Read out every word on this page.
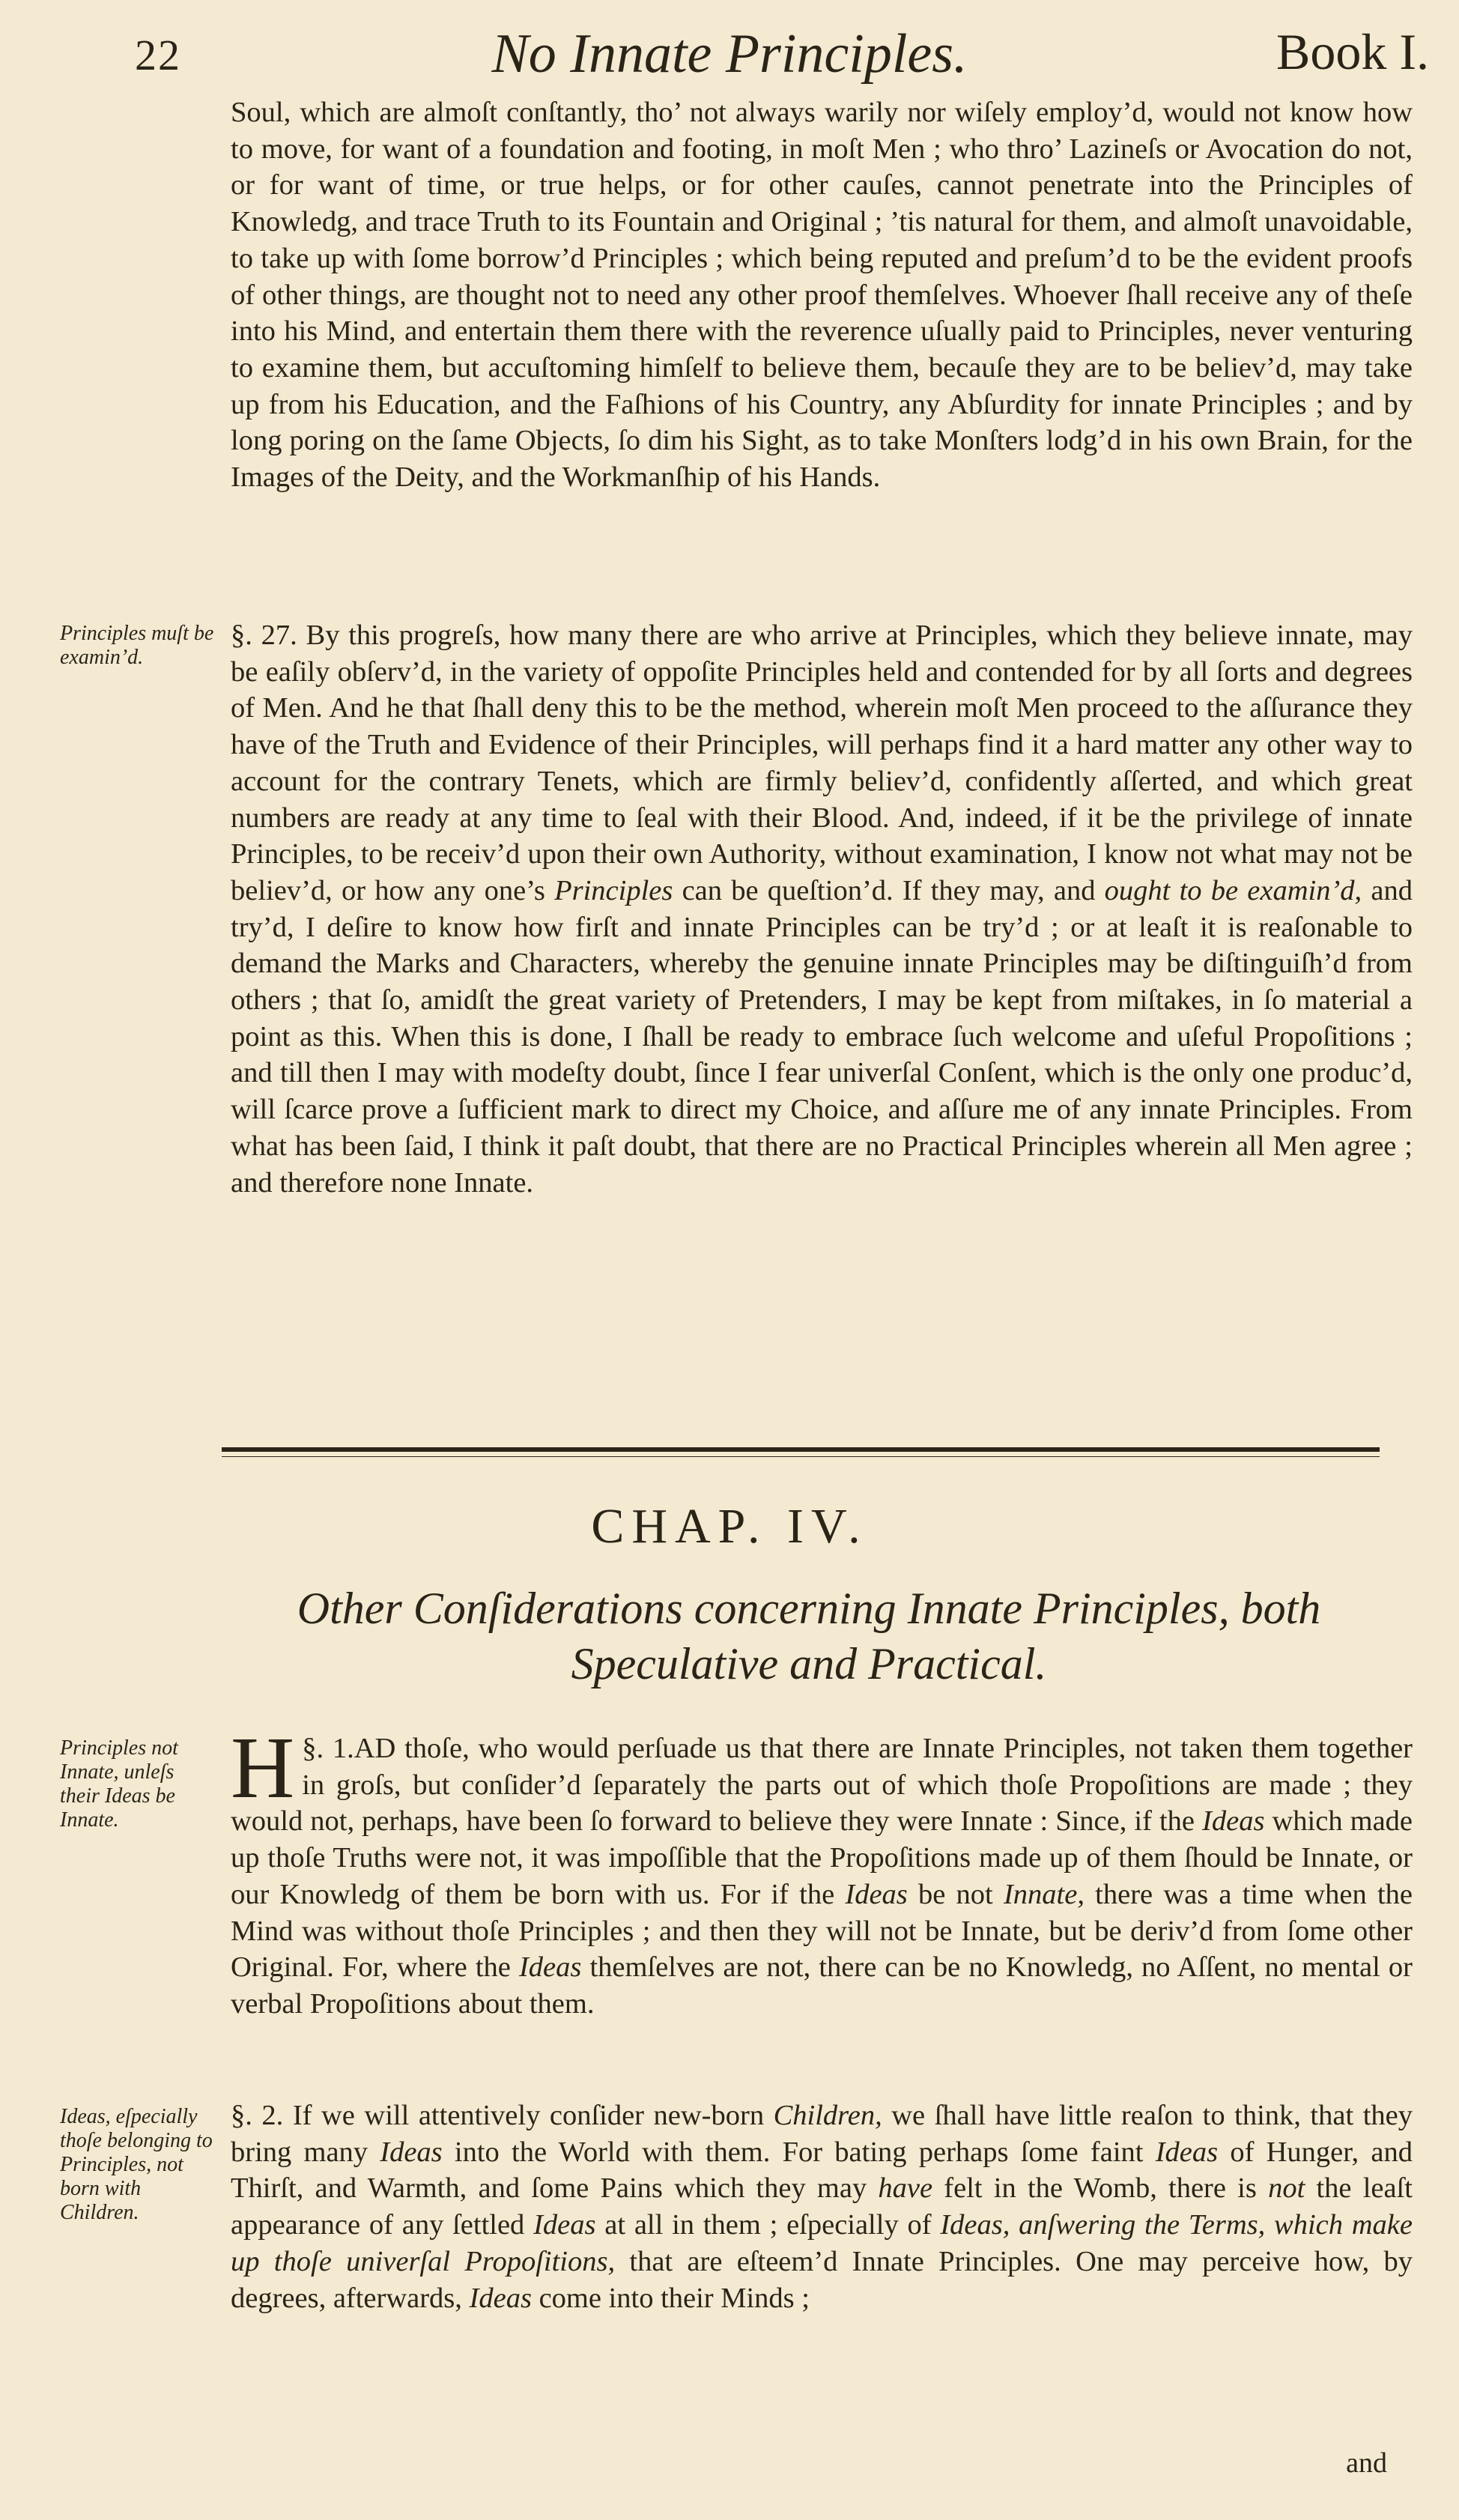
22	No Innate Principles.	Book I.

Soul, which are almoſt conſtantly, tho’ not always warily nor wiſely employ’d, would not know how to move, for want of a foundation and footing, in moſt Men ; who thro’ Lazineſs or Avocation do not, or for want of time, or true helps, or for other cauſes, cannot penetrate into the Principles of Knowledg, and trace Truth to its Fountain and Original ; ’tis natural for them, and almoſt unavoidable, to take up with ſome borrow’d Principles ; which being reputed and preſum’d to be the evident proofs of other things, are thought not to need any other proof themſelves. Whoever ſhall receive any of theſe into his Mind, and entertain them there with the reverence uſually paid to Principles, never venturing to examine them, but accuſtoming himſelf to believe them, becauſe they are to be believ’d, may take up from his Education, and the Faſhions of his Country, any Abſurdity for innate Principles ; and by long poring on the ſame Objects, ſo dim his Sight, as to take Monſters lodg’d in his own Brain, for the Images of the Deity, and the Workmanſhip of his Hands.

Principles muſt be examin’d.

§. 27. By this progreſs, how many there are who arrive at Principles, which they believe innate, may be eaſily obſerv’d, in the variety of oppoſite Principles held and contended for by all ſorts and degrees of Men. And he that ſhall deny this to be the method, wherein moſt Men proceed to the aſſurance they have of the Truth and Evidence of their Principles, will perhaps find it a hard matter any other way to account for the contrary Tenets, which are firmly believ’d, confidently aſſerted, and which great numbers are ready at any time to ſeal with their Blood. And, indeed, if it be the privilege of innate Principles, to be receiv’d upon their own Authority, without examination, I know not what may not be believ’d, or how any one’s Principles can be queſtion’d. If they may, and ought to be examin’d, and try’d, I deſire to know how firſt and innate Principles can be try’d ; or at leaſt it is reaſonable to demand the Marks and Characters, whereby the genuine innate Principles may be diſtinguiſh’d from others ; that ſo, amidſt the great variety of Pretenders, I may be kept from miſtakes, in ſo material a point as this. When this is done, I ſhall be ready to embrace ſuch welcome and uſeful Propoſitions ; and till then I may with modeſty doubt, ſince I fear univerſal Conſent, which is the only one produc’d, will ſcarce prove a ſufficient mark to direct my Choice, and aſſure me of any innate Principles. From what has been ſaid, I think it paſt doubt, that there are no Practical Principles wherein all Men agree ; and therefore none Innate.

CHAP. IV.
Other Conſiderations concerning Innate Principles, both Speculative and Practical.
Principles not Innate, unleſs their Ideas be Innate.

§. 1.
H AD thoſe, who would perſuade us that there are Innate Principles, not taken them together in groſs, but conſider’d ſeparately the parts out of which thoſe Propoſitions are made ; they would not, perhaps, have been ſo forward to believe they were Innate : Since, if the Ideas which made up thoſe Truths were not, it was impoſſible that the Propoſitions made up of them ſhould be Innate, or our Knowledg of them be born with us. For if the Ideas be not Innate, there was a time when the Mind was without thoſe Principles ; and then they will not be Innate, but be deriv’d from ſome other Original. For, where the Ideas themſelves are not, there can be no Knowledg, no Aſſent, no mental or verbal Propoſitions about them.

Ideas, eſpecially thoſe belonging to Principles, not born with Children.

§. 2. If we will attentively conſider new-born Children, we ſhall have little reaſon to think, that they bring many Ideas into the World with them. For bating perhaps ſome faint Ideas of Hunger, and Thirſt, and Warmth, and ſome Pains which they may have felt in the Womb, there is not the leaſt appearance of any ſettled Ideas at all in them ; eſpecially of Ideas, anſwering the Terms, which make up thoſe univerſal Propoſitions, that are eſteem’d Innate Principles. One may perceive how, by degrees, afterwards, Ideas come into their Minds ;

and
